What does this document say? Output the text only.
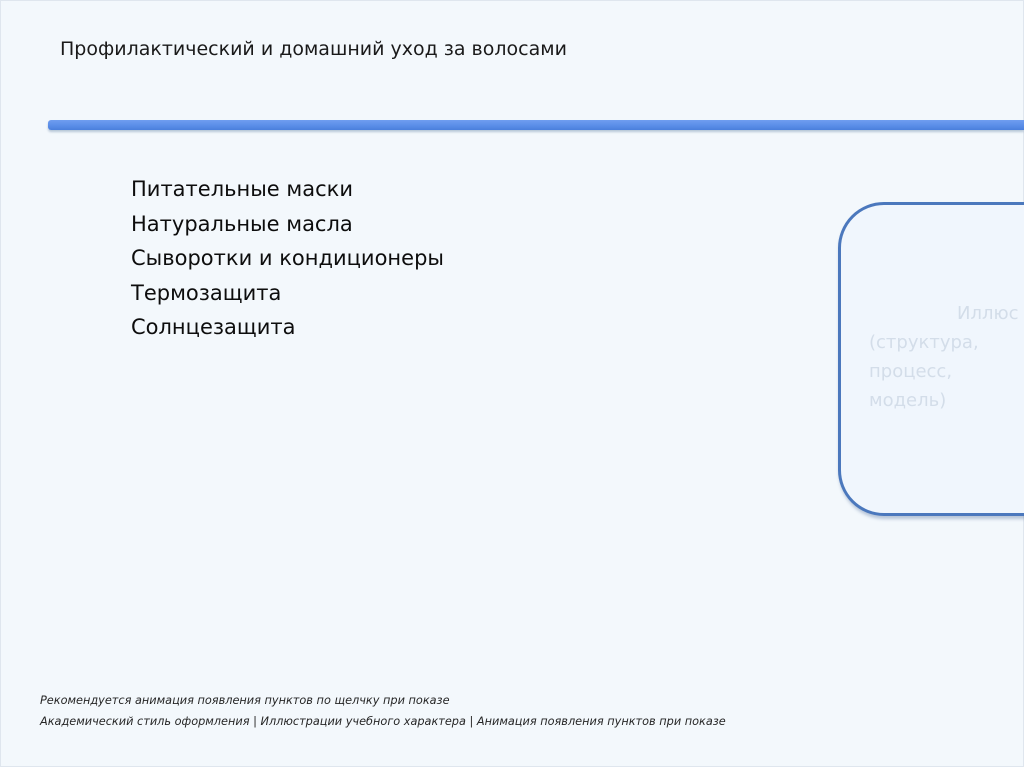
Профилактический и домашний уход за волосами
Питательные маски
Натуральные масла
Сыворотки и кондиционеры
Термозащита
Солнцезащита
Иллюс
(структура,
процесс,
модель)
Рекомендуется анимация появления пунктов по щелчку при показе
Академический стиль оформления | Иллюстрации учебного характера | Анимация появления пунктов при показе
